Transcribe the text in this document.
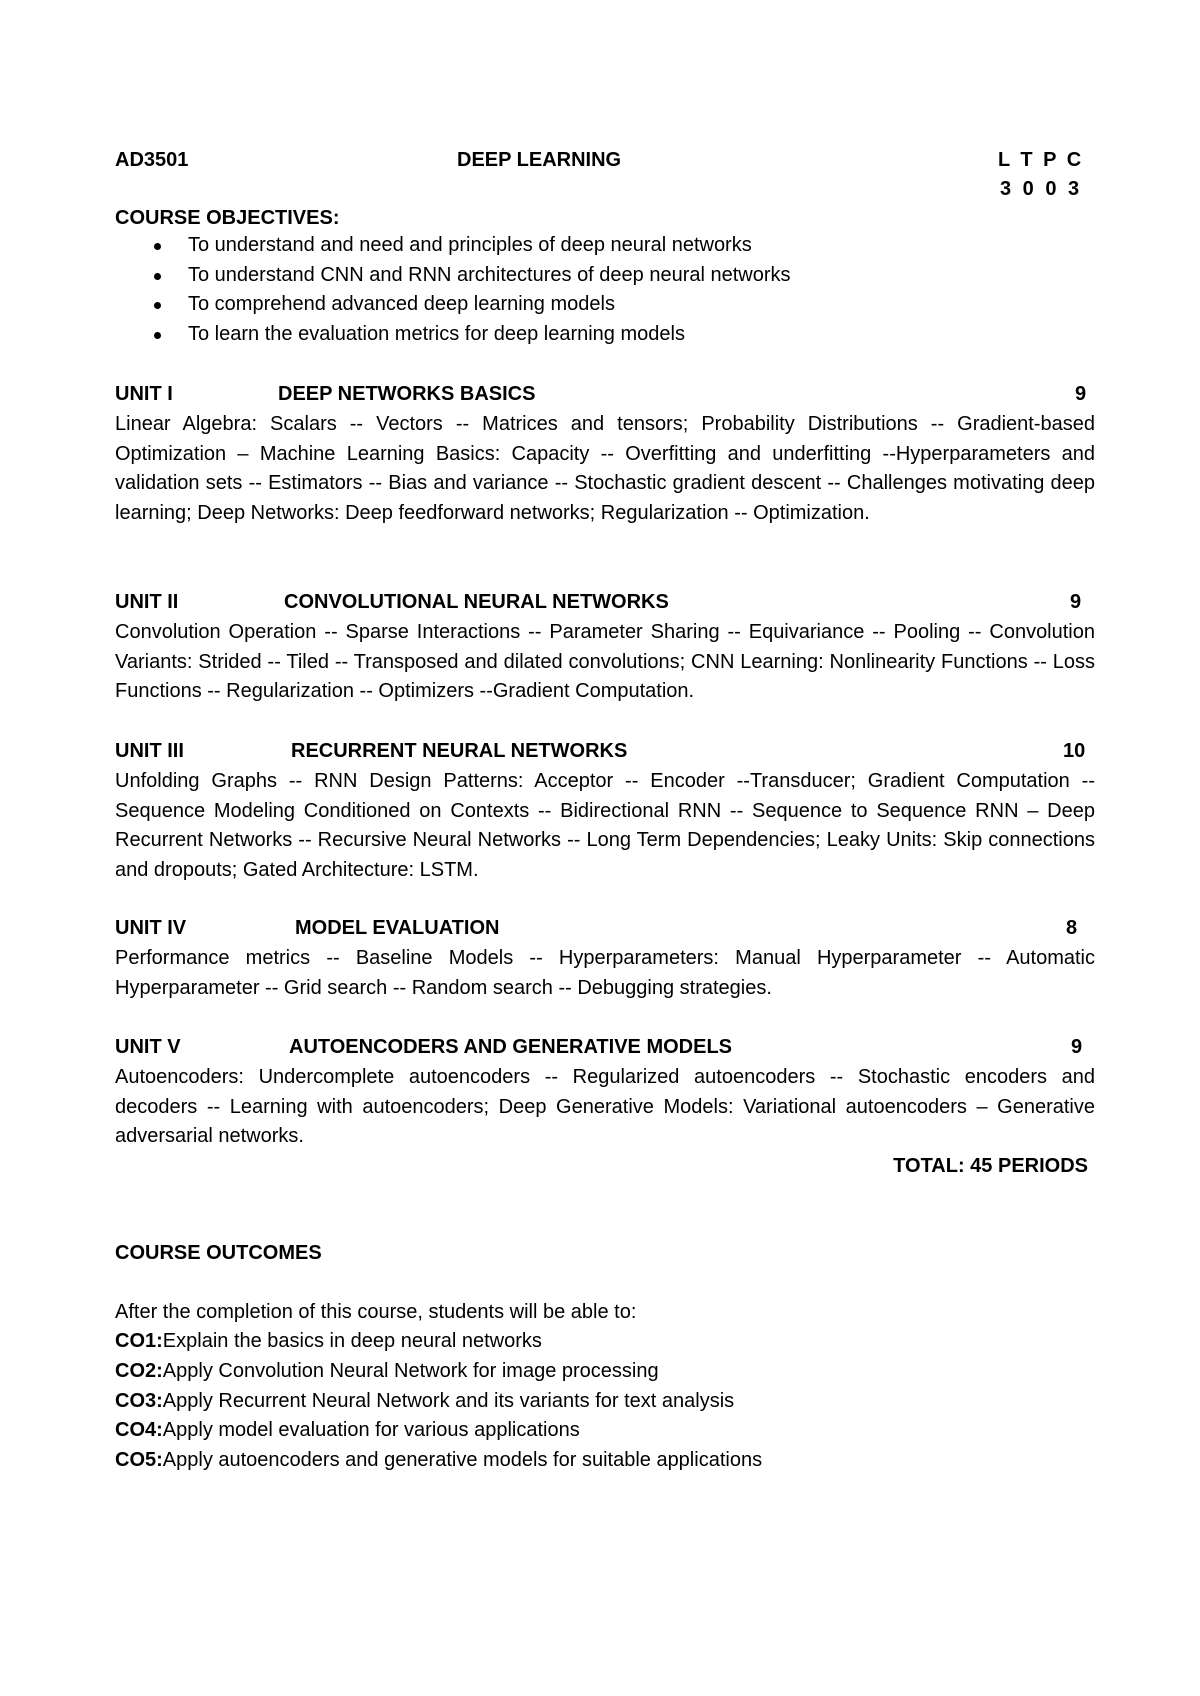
AD3501	DEEP LEARNING	L T P C
3 0 0 3
COURSE OBJECTIVES:
To understand and need and principles of deep neural networks
To understand CNN and RNN architectures of deep neural networks
To comprehend advanced deep learning models
To learn the evaluation metrics for deep learning models
UNIT I	DEEP NETWORKS BASICS	9
Linear Algebra: Scalars -- Vectors -- Matrices and tensors; Probability Distributions -- Gradient-based Optimization – Machine Learning Basics: Capacity -- Overfitting and underfitting --Hyperparameters and validation sets -- Estimators -- Bias and variance -- Stochastic gradient descent -- Challenges motivating deep learning; Deep Networks: Deep feedforward networks; Regularization -- Optimization.
UNIT II	CONVOLUTIONAL NEURAL NETWORKS	9
Convolution Operation -- Sparse Interactions -- Parameter Sharing -- Equivariance -- Pooling -- Convolution Variants: Strided -- Tiled -- Transposed and dilated convolutions; CNN Learning: Nonlinearity Functions -- Loss Functions -- Regularization -- Optimizers --Gradient Computation.
UNIT III	RECURRENT NEURAL NETWORKS	10
Unfolding Graphs -- RNN Design Patterns: Acceptor -- Encoder --Transducer; Gradient Computation -- Sequence Modeling Conditioned on Contexts -- Bidirectional RNN -- Sequence to Sequence RNN – Deep Recurrent Networks -- Recursive Neural Networks -- Long Term Dependencies; Leaky Units: Skip connections and dropouts; Gated Architecture: LSTM.
UNIT IV	MODEL EVALUATION	8
Performance metrics -- Baseline Models -- Hyperparameters: Manual Hyperparameter -- Automatic Hyperparameter -- Grid search -- Random search -- Debugging strategies.
UNIT V	AUTOENCODERS AND GENERATIVE MODELS	9
Autoencoders: Undercomplete autoencoders -- Regularized autoencoders -- Stochastic encoders and decoders -- Learning with autoencoders; Deep Generative Models: Variational autoencoders – Generative adversarial networks.
TOTAL: 45 PERIODS
COURSE OUTCOMES
After the completion of this course, students will be able to:
CO1:Explain the basics in deep neural networks
CO2:Apply Convolution Neural Network for image processing
CO3:Apply Recurrent Neural Network and its variants for text analysis
CO4:Apply model evaluation for various applications
CO5:Apply autoencoders and generative models for suitable applications
